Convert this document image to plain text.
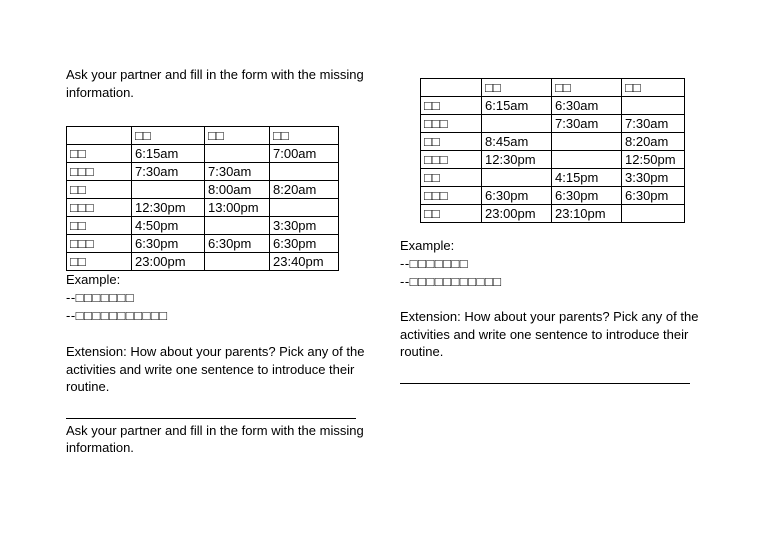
Ask your partner and fill in the form with the missing information.

	□□	□□	□□
□□	6:15am		7:00am
□□□	7:30am	7:30am	
□□		8:00am	8:20am
□□□	12:30pm	13:00pm	
□□	4:50pm		3:30pm
□□□	6:30pm	6:30pm	6:30pm
□□	23:00pm		23:40pm
Example:
--□□□□□□□
--□□□□□□□□□□□

Extension: How about your parents? Pick any of the activities and write one sentence to introduce their routine.

Ask your partner and fill in the form with the missing information.

	□□	□□	□□
□□	6:15am	6:30am	
□□□		7:30am	7:30am
□□	8:45am		8:20am
□□□	12:30pm		12:50pm
□□		4:15pm	3:30pm
□□□	6:30pm	6:30pm	6:30pm
□□	23:00pm	23:10pm	
Example:
--□□□□□□□
--□□□□□□□□□□□

Extension: How about your parents? Pick any of the activities and write one sentence to introduce their routine.
